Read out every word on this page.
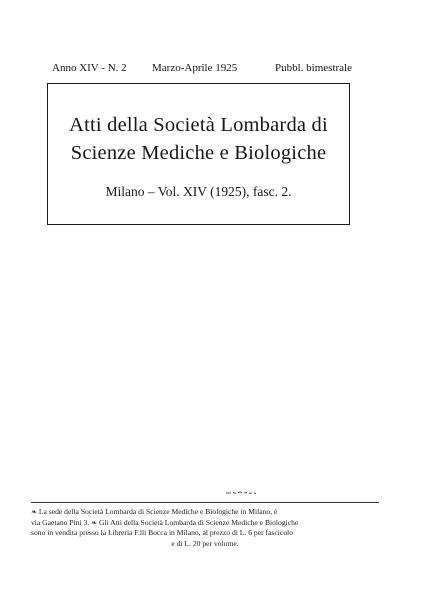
Anno XIV - N. 2 Marzo-Aprile 1925	Pubbl. bimestrale
Atti della Società Lombarda di
Scienze Mediche e Biologiche
Milano – Vol. XIV (1925), fasc. 2.

❧ La sede della Società Lombarda di Scienze Mediche e Biologiche in Milano, è

via Gaetano Pini 3. ❧ Gli Atti della Società Lombarda di Scienze Mediche e Biologiche

sono in vendita presso la Libreria F.lli Bocca in Milano, al prezzo di L. 6 per fascicolo

e di L. 20 per volume.
